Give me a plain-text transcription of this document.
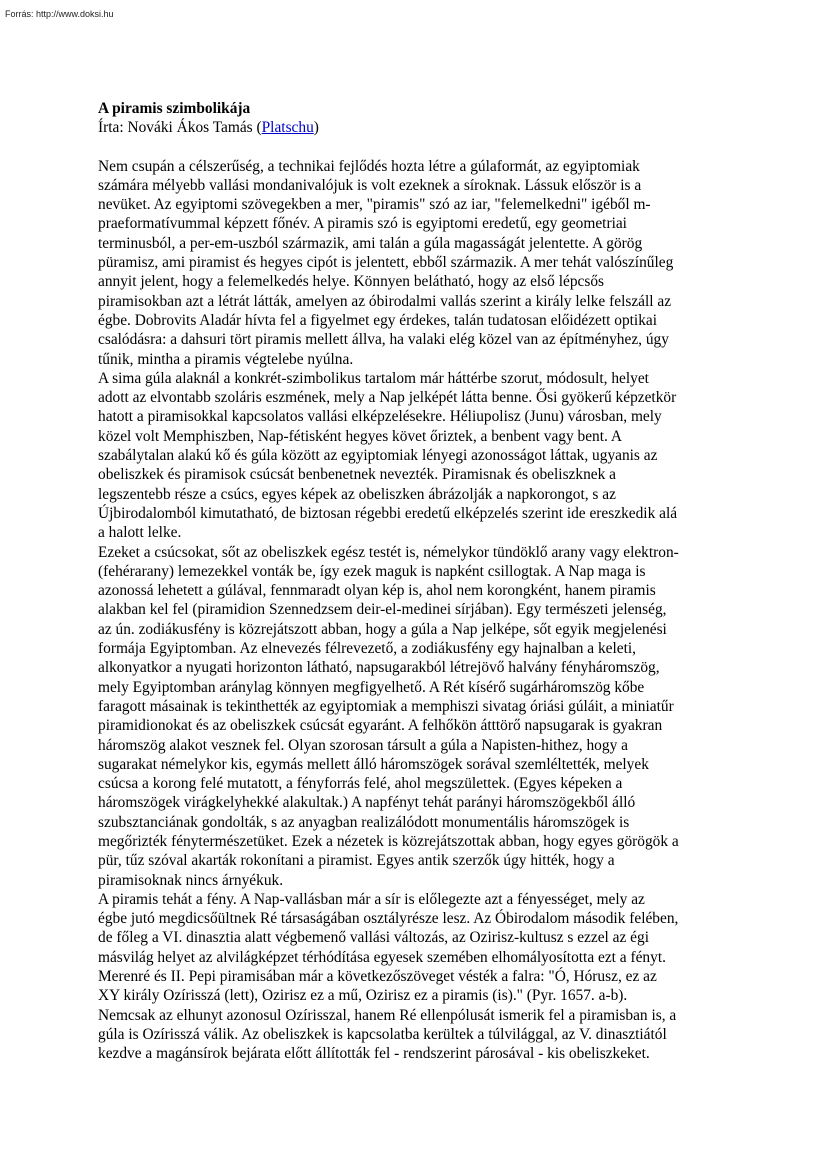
Forrás: http://www.doksi.hu

A piramis szimbolikája

Írta: Nováki Ákos Tamás (Platschu)

Nem csupán a célszerűség, a technikai fejlődés hozta létre a gúlaformát, az egyiptomiak
számára mélyebb vallási mondanivalójuk is volt ezeknek a síroknak. Lássuk először is a
nevüket. Az egyiptomi szövegekben a mer, "piramis" szó az iar, "felemelkedni" igéből m-
praeformatívummal képzett főnév. A piramis szó is egyiptomi eredetű, egy geometriai
terminusból, a per-em-uszból származik, ami talán a gúla magasságát jelentette. A görög
püramisz, ami piramist és hegyes cipót is jelentett, ebből származik. A mer tehát valószínűleg
annyit jelent, hogy a felemelkedés helye. Könnyen belátható, hogy az első lépcsős
piramisokban azt a létrát látták, amelyen az óbirodalmi vallás szerint a király lelke felszáll az
égbe. Dobrovits Aladár hívta fel a figyelmet egy érdekes, talán tudatosan előidézett optikai
csalódásra: a dahsuri tört piramis mellett állva, ha valaki elég közel van az építményhez, úgy
tűnik, mintha a piramis végtelebe nyúlna.
A sima gúla alaknál a konkrét-szimbolikus tartalom már háttérbe szorut, módosult, helyet
adott az elvontabb szoláris eszmének, mely a Nap jelképét látta benne. Ősi gyökerű képzetkör
hatott a piramisokkal kapcsolatos vallási elképzelésekre. Héliupolisz (Junu) városban, mely
közel volt Memphiszben, Nap-fétisként hegyes követ őriztek, a benbent vagy bent. A
szabálytalan alakú kő és gúla között az egyiptomiak lényegi azonosságot láttak, ugyanis az
obeliszkek és piramisok csúcsát benbenetnek nevezték. Piramisnak és obeliszknek a
legszentebb része a csúcs, egyes képek az obeliszken ábrázolják a napkorongot, s az
Újbirodalomból kimutatható, de biztosan régebbi eredetű elképzelés szerint ide ereszkedik alá
a halott lelke.
Ezeket a csúcsokat, sőt az obeliszkek egész testét is, némelykor tündöklő arany vagy elektron-
(fehérarany) lemezekkel vonták be, így ezek maguk is napként csillogtak. A Nap maga is
azonossá lehetett a gúlával, fennmaradt olyan kép is, ahol nem korongként, hanem piramis
alakban kel fel (piramidion Szennedzsem deir-el-medinei sírjában). Egy természeti jelenség,
az ún. zodiákusfény is közrejátszott abban, hogy a gúla a Nap jelképe, sőt egyik megjelenési
formája Egyiptomban. Az elnevezés félrevezető, a zodiákusfény egy hajnalban a keleti,
alkonyatkor a nyugati horizonton látható, napsugarakból létrejövő halvány fényháromszög,
mely Egyiptomban aránylag könnyen megfigyelhető. A Rét kísérő sugárháromszög kőbe
faragott másainak is tekinthették az egyiptomiak a memphiszi sivatag óriási gúláit, a miniatűr
piramidionokat és az obeliszkek csúcsát egyaránt. A felhőkön átttörő napsugarak is gyakran
háromszög alakot vesznek fel. Olyan szorosan társult a gúla a Napisten-hithez, hogy a
sugarakat némelykor kis, egymás mellett álló háromszögek sorával szemléltették, melyek
csúcsa a korong felé mutatott, a fényforrás felé, ahol megszülettek. (Egyes képeken a
háromszögek virágkelyhekké alakultak.) A napfényt tehát parányi háromszögekből álló
szubsztanciának gondolták, s az anyagban realizálódott monumentális háromszögek is
megőrizték fénytermészetüket. Ezek a nézetek is közrejátszottak abban, hogy egyes görögök a
pür, tűz szóval akarták rokonítani a piramist. Egyes antik szerzők úgy hitték, hogy a
piramisoknak nincs árnyékuk.
A piramis tehát a fény. A Nap-vallásban már a sír is előlegezte azt a fényességet, mely az
égbe jutó megdicsőültnek Ré társaságában osztályrésze lesz. Az Óbirodalom második felében,
de főleg a VI. dinasztia alatt végbemenő vallási változás, az Ozirisz-kultusz s ezzel az égi
másvilág helyet az alvilágképzet térhódítása egyesek szemében elhomályosította ezt a fényt.
Merenré és II. Pepi piramisában már a következőszöveget vésték a falra: "Ó, Hórusz, ez az
XY király Ozírisszá (lett), Ozirisz ez a mű, Ozirisz ez a piramis (is)." (Pyr. 1657. a-b).
Nemcsak az elhunyt azonosul Ozírisszal, hanem Ré ellenpólusát ismerik fel a piramisban is, a
gúla is Ozírisszá válik. Az obeliszkek is kapcsolatba kerültek a túlvilággal, az V. dinasztiától
kezdve a magánsírok bejárata előtt állították fel - rendszerint párosával - kis obeliszkeket.
